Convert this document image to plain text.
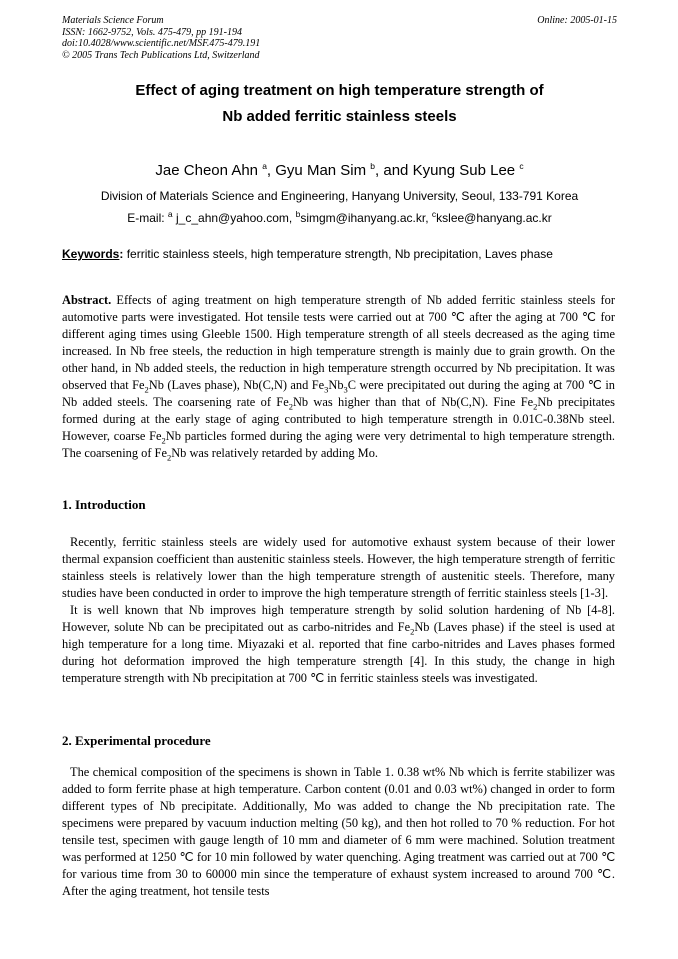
Materials Science Forum
ISSN: 1662-9752, Vols. 475-479, pp 191-194
doi:10.4028/www.scientific.net/MSF.475-479.191
© 2005 Trans Tech Publications Ltd, Switzerland
Online: 2005-01-15
Effect of aging treatment on high temperature strength of
Nb added ferritic stainless steels
Jae Cheon Ahn $^a$, Gyu Man Sim $^b$, and Kyung Sub Lee $^c$
Division of Materials Science and Engineering, Hanyang University, Seoul, 133-791 Korea
E-mail: $^a$ j_c_ahn@yahoo.com, $^b$simgm@ihanyang.ac.kr, $^c$kslee@hanyang.ac.kr
Keywords: ferritic stainless steels, high temperature strength, Nb precipitation, Laves phase
Abstract. Effects of aging treatment on high temperature strength of Nb added ferritic stainless steels for automotive parts were investigated. Hot tensile tests were carried out at 700 ℃ after the aging at 700 ℃ for different aging times using Gleeble 1500. High temperature strength of all steels decreased as the aging time increased. In Nb free steels, the reduction in high temperature strength is mainly due to grain growth. On the other hand, in Nb added steels, the reduction in high temperature strength occurred by Nb precipitation. It was observed that $Fe_2Nb$ (Laves phase), Nb(C,N) and $Fe_3Nb_3C$ were precipitated out during the aging at 700 ℃ in Nb added steels. The coarsening rate of $Fe_2Nb$ was higher than that of Nb(C,N). Fine $Fe_2Nb$ precipitates formed during at the early stage of aging contributed to high temperature strength in 0.01C-0.38Nb steel. However, coarse $Fe_2Nb$ particles formed during the aging were very detrimental to high temperature strength. The coarsening of $Fe_2Nb$ was relatively retarded by adding Mo.
1. Introduction

Recently, ferritic stainless steels are widely used for automotive exhaust system because of their lower thermal expansion coefficient than austenitic stainless steels. However, the high temperature strength of ferritic stainless steels is relatively lower than the high temperature strength of austenitic steels. Therefore, many studies have been conducted in order to improve the high temperature strength of ferritic stainless steels [1-3].

It is well known that Nb improves high temperature strength by solid solution hardening of Nb [4-8]. However, solute Nb can be precipitated out as carbo-nitrides and $Fe_2Nb$ (Laves phase) if the steel is used at high temperature for a long time. Miyazaki et al. reported that fine carbo-nitrides and Laves phases formed during hot deformation improved the high temperature strength [4]. In this study, the change in high temperature strength with Nb precipitation at 700 ℃ in ferritic stainless steels was investigated.

2. Experimental procedure

The chemical composition of the specimens is shown in Table 1. 0.38 wt% Nb which is ferrite stabilizer was added to form ferrite phase at high temperature. Carbon content (0.01 and 0.03 wt%) changed in order to form different types of Nb precipitate. Additionally, Mo was added to change the Nb precipitation rate. The specimens were prepared by vacuum induction melting (50 kg), and then hot rolled to 70 % reduction. For hot tensile test, specimen with gauge length of 10 mm and diameter of 6 mm were machined. Solution treatment was performed at 1250 ℃ for 10 min followed by water quenching. Aging treatment was carried out at 700 ℃ for various time from 30 to 60000 min since the temperature of exhaust system increased to around 700 ℃. After the aging treatment, hot tensile tests
